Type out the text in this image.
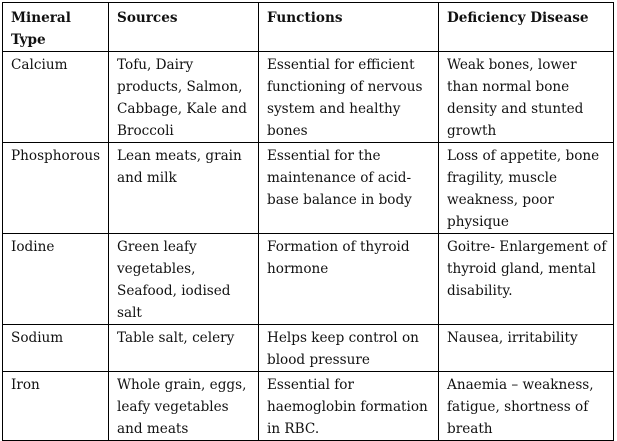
Mineral Type	Sources	Functions	Deficiency Disease
Calcium	Tofu, Dairy products, Salmon, Cabbage, Kale and Broccoli	Essential for efficient functioning of nervous system and healthy bones	Weak bones, lower than normal bone density and stunted growth
Phosphorous	Lean meats, grain and milk	Essential for the maintenance of acid-base balance in body	Loss of appetite, bone fragility, muscle weakness, poor physique
Iodine	Green leafy vegetables, Seafood, iodised salt	Formation of thyroid hormone	Goitre- Enlargement of thyroid gland, mental disability.
Sodium	Table salt, celery	Helps keep control on blood pressure	Nausea, irritability
Iron	Whole grain, eggs, leafy vegetables and meats	Essential for haemoglobin formation in RBC.	Anaemia – weakness, fatigue, shortness of breath
